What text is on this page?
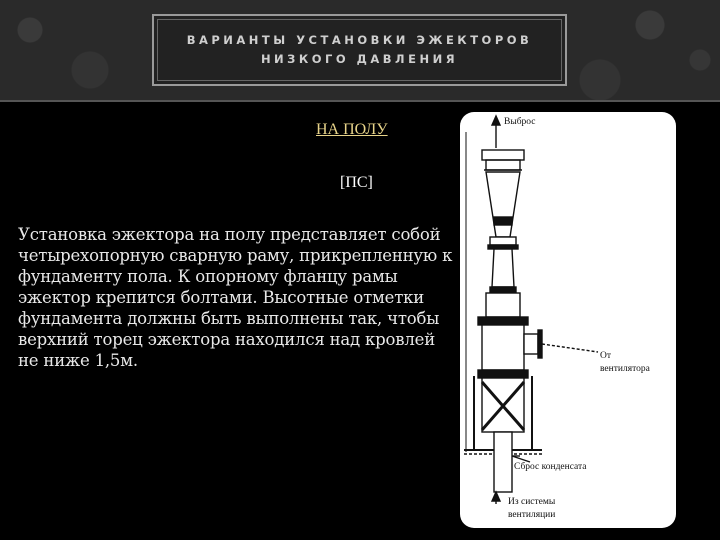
ВАРИАНТЫ УСТАНОВКИ ЭЖЕКТОРОВ
НИЗКОГО ДАВЛЕНИЯ
НА ПОЛУ
[ПС]
Установка эжектора на полу представляет собой четырехопорную сварную раму, прикрепленную к фундаменту пола. К опорному фланцу рамы эжектор крепится болтами. Высотные отметки фундамента должны быть выполнены так, чтобы верхний торец эжектора находился над кровлей не ниже 1,5м.
Выброс
От
вентилятора
Сброс конденсата
Из системы
вентиляции
